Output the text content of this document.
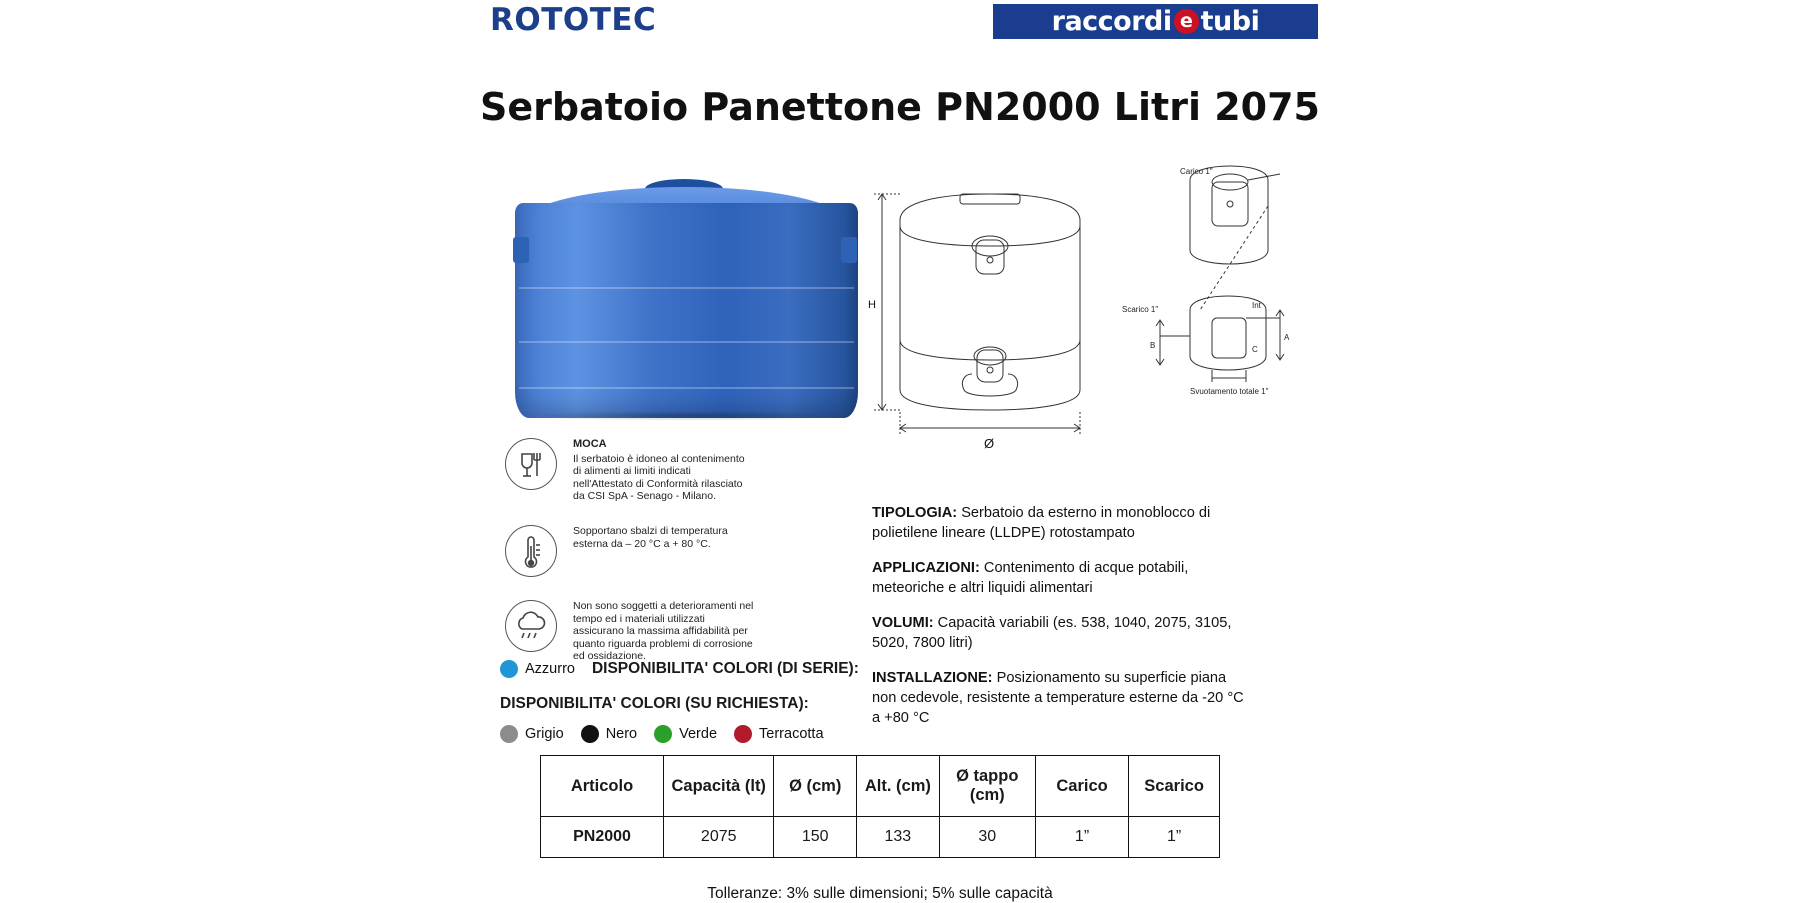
ROTOTEC	raccordi e tubi
Serbatoio Panettone PN2000 Litri 2075
Carico 1"
Scarico 1"	Int
A
B	C
Svuotamento totale 1"
H
Ø
MOCA
Il serbatoio è idoneo al contenimento di alimenti ai limiti indicati nell'Attestato di Conformità rilasciato da CSI SpA - Senago - Milano.
Sopportano sbalzi di temperatura esterna da – 20 °C a + 80 °C.
Non sono soggetti a deterioramenti nel tempo ed i materiali utilizzati assicurano la massima affidabilità per quanto riguarda problemi di corrosione ed ossidazione.
Azzurro DISPONIBILITA' COLORI (DI SERIE):
DISPONIBILITA' COLORI (SU RICHIESTA):
Grigio	Nero	Verde	Terracotta
TIPOLOGIA: Serbatoio da esterno in monoblocco di polietilene lineare (LLDPE) rotostampato
APPLICAZIONI: Contenimento di acque potabili, meteoriche e altri liquidi alimentari
VOLUMI: Capacità variabili (es. 538, 1040, 2075, 3105, 5020, 7800 litri)
INSTALLAZIONE: Posizionamento su superficie piana non cedevole, resistente a temperature esterne da -20 °C a +80 °C
Articolo	Capacità (lt)	Ø (cm)	Alt. (cm)	Ø tappo (cm)	Carico	Scarico
PN2000	2075	150	133	30	1”	1”
Tolleranze: 3% sulle dimensioni; 5% sulle capacità
